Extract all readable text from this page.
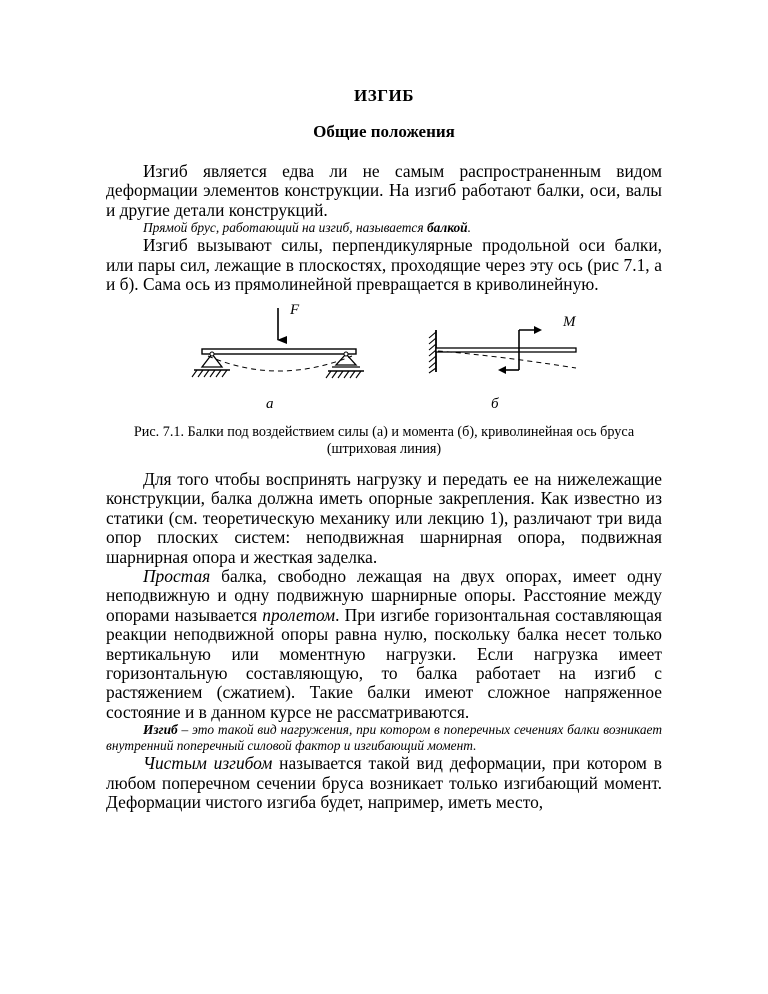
ИЗГИБ
Общие положения

Изгиб является едва ли не самым распространенным видом деформации элементов конструкции. На изгиб работают балки, оси, валы и другие детали конструкций.

Прямой брус, работающий на изгиб, называется балкой.

Изгиб вызывают силы, перпендикулярные продольной оси балки, или пары сил, лежащие в плоскостях, проходящие через эту ось (рис 7.1, а и б). Сама ось из прямолинейной превращается в криволинейную.

F
M
а	б
Рис. 7.1. Балки под воздействием силы (а) и момента (б), криволинейная ось бруса (штриховая линия)

Для того чтобы воспринять нагрузку и передать ее на нижележащие конструкции, балка должна иметь опорные закрепления. Как известно из статики (см. теоретическую механику или лекцию 1), различают три вида опор плоских систем: неподвижная шарнирная опора, подвижная шарнирная опора и жесткая заделка.

Простая балка, свободно лежащая на двух опорах, имеет одну неподвижную и одну подвижную шарнирные опоры. Расстояние между опорами называется пролетом. При изгибе горизонтальная составляющая реакции неподвижной опоры равна нулю, поскольку балка несет только вертикальную или моментную нагрузки. Если нагрузка имеет горизонтальную составляющую, то балка работает на изгиб с растяжением (сжатием). Такие балки имеют сложное напряженное состояние и в данном курсе не рассматриваются.

Изгиб – это такой вид нагружения, при котором в поперечных сечениях балки возникает внутренний поперечный силовой фактор и изгибающий момент.

Чистым изгибом называется такой вид деформации, при котором в любом поперечном сечении бруса возникает только изгибающий момент. Деформации чистого изгиба будет, например, иметь место,
